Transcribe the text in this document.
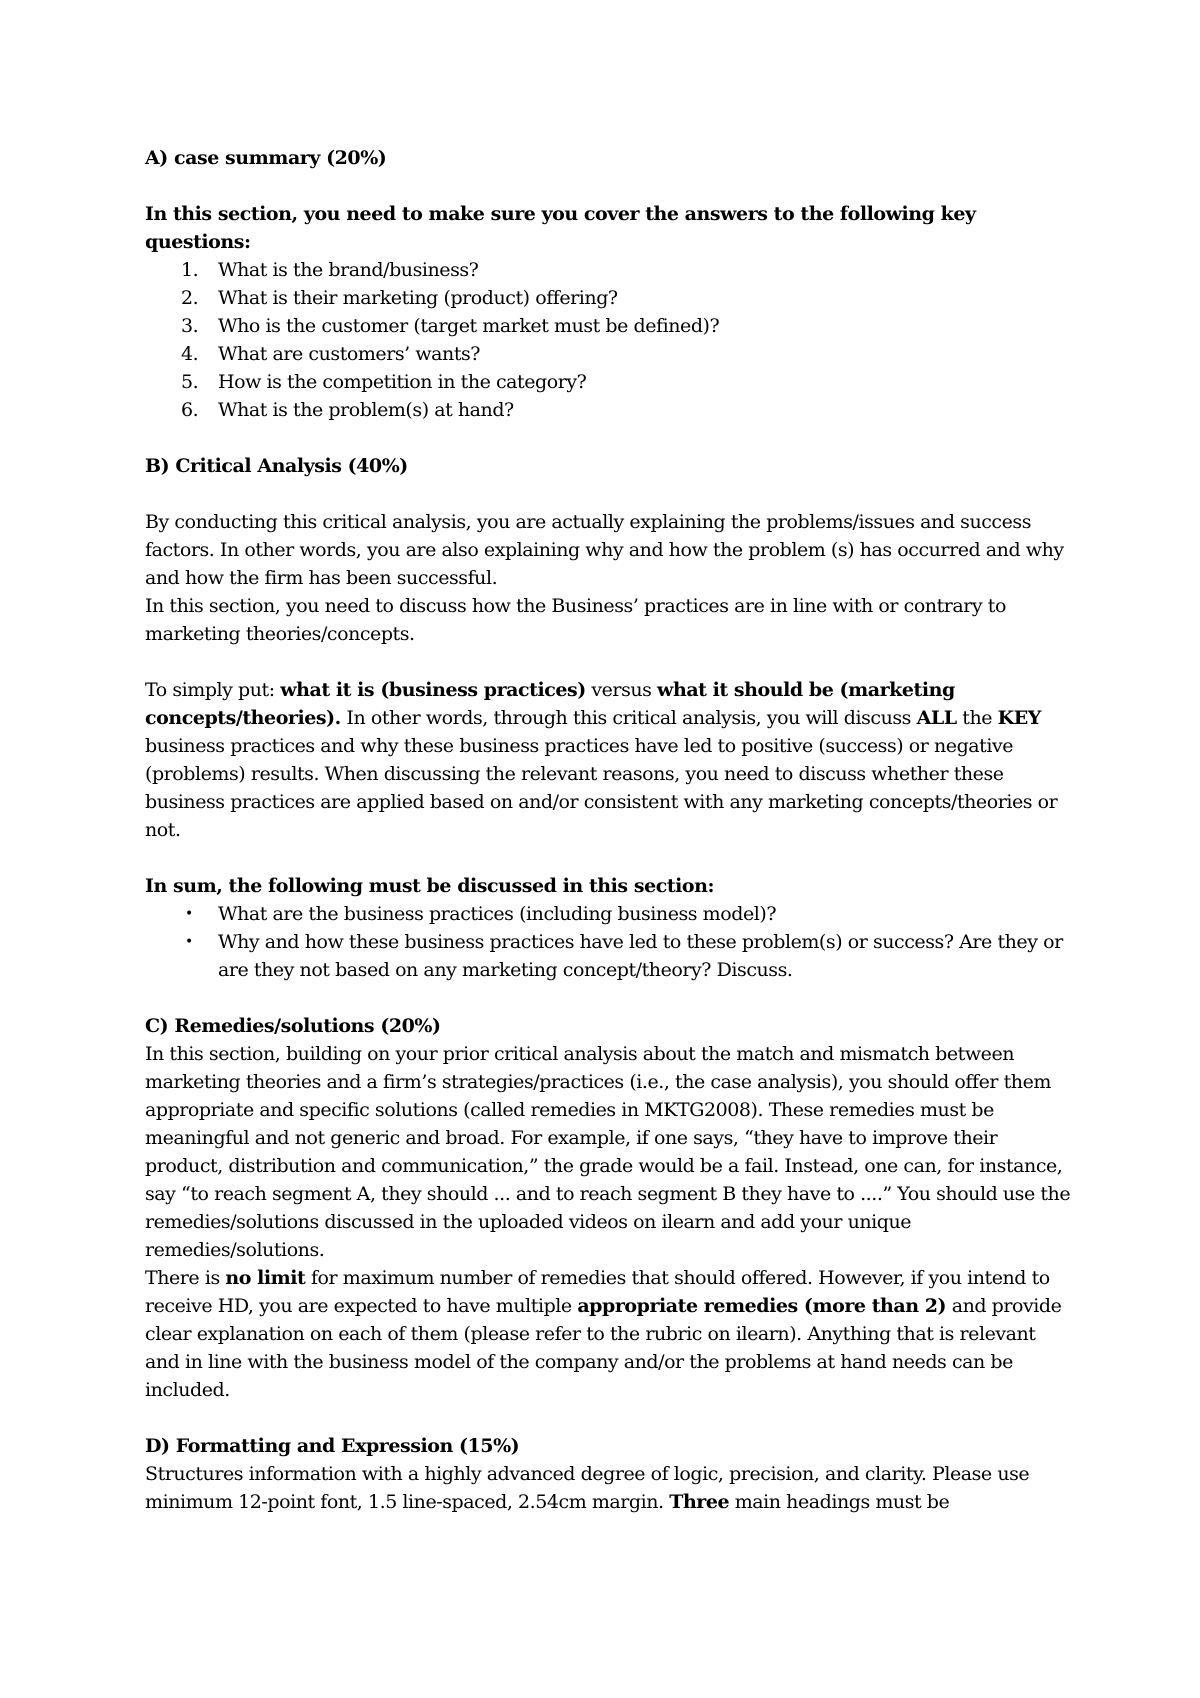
A) case summary (20%)

In this section, you need to make sure you cover the answers to the following key questions:

1. What is the brand/business?
2. What is their marketing (product) offering?
3. Who is the customer (target market must be defined)?
4. What are customers’ wants?
5. How is the competition in the category?
6. What is the problem(s) at hand?

B) Critical Analysis (40%)

By conducting this critical analysis, you are actually explaining the problems/issues and success factors. In other words, you are also explaining why and how the problem (s) has occurred and why and how the firm has been successful.

In this section, you need to discuss how the Business’ practices are in line with or contrary to marketing theories/concepts.

To simply put: what it is (business practices) versus what it should be (marketing concepts/theories). In other words, through this critical analysis, you will discuss ALL the KEY business practices and why these business practices have led to positive (success) or negative (problems) results. When discussing the relevant reasons, you need to discuss whether these business practices are applied based on and/or consistent with any marketing concepts/theories or not.

In sum, the following must be discussed in this section:

• What are the business practices (including business model)?
• Why and how these business practices have led to these problem(s) or success? Are they or are they not based on any marketing concept/theory? Discuss.

C) Remedies/solutions (20%)

In this section, building on your prior critical analysis about the match and mismatch between marketing theories and a firm’s strategies/practices (i.e., the case analysis), you should offer them appropriate and specific solutions (called remedies in MKTG2008). These remedies must be meaningful and not generic and broad. For example, if one says, “they have to improve their product, distribution and communication,” the grade would be a fail. Instead, one can, for instance, say “to reach segment A, they should ... and to reach segment B they have to ....” You should use the remedies/solutions discussed in the uploaded videos on ilearn and add your unique remedies/solutions.

There is no limit for maximum number of remedies that should offered. However, if you intend to receive HD, you are expected to have multiple appropriate remedies (more than 2) and provide clear explanation on each of them (please refer to the rubric on ilearn). Anything that is relevant and in line with the business model of the company and/or the problems at hand needs can be included.

D) Formatting and Expression (15%)

Structures information with a highly advanced degree of logic, precision, and clarity. Please use minimum 12-point font, 1.5 line-spaced, 2.54cm margin. Three main headings must be
